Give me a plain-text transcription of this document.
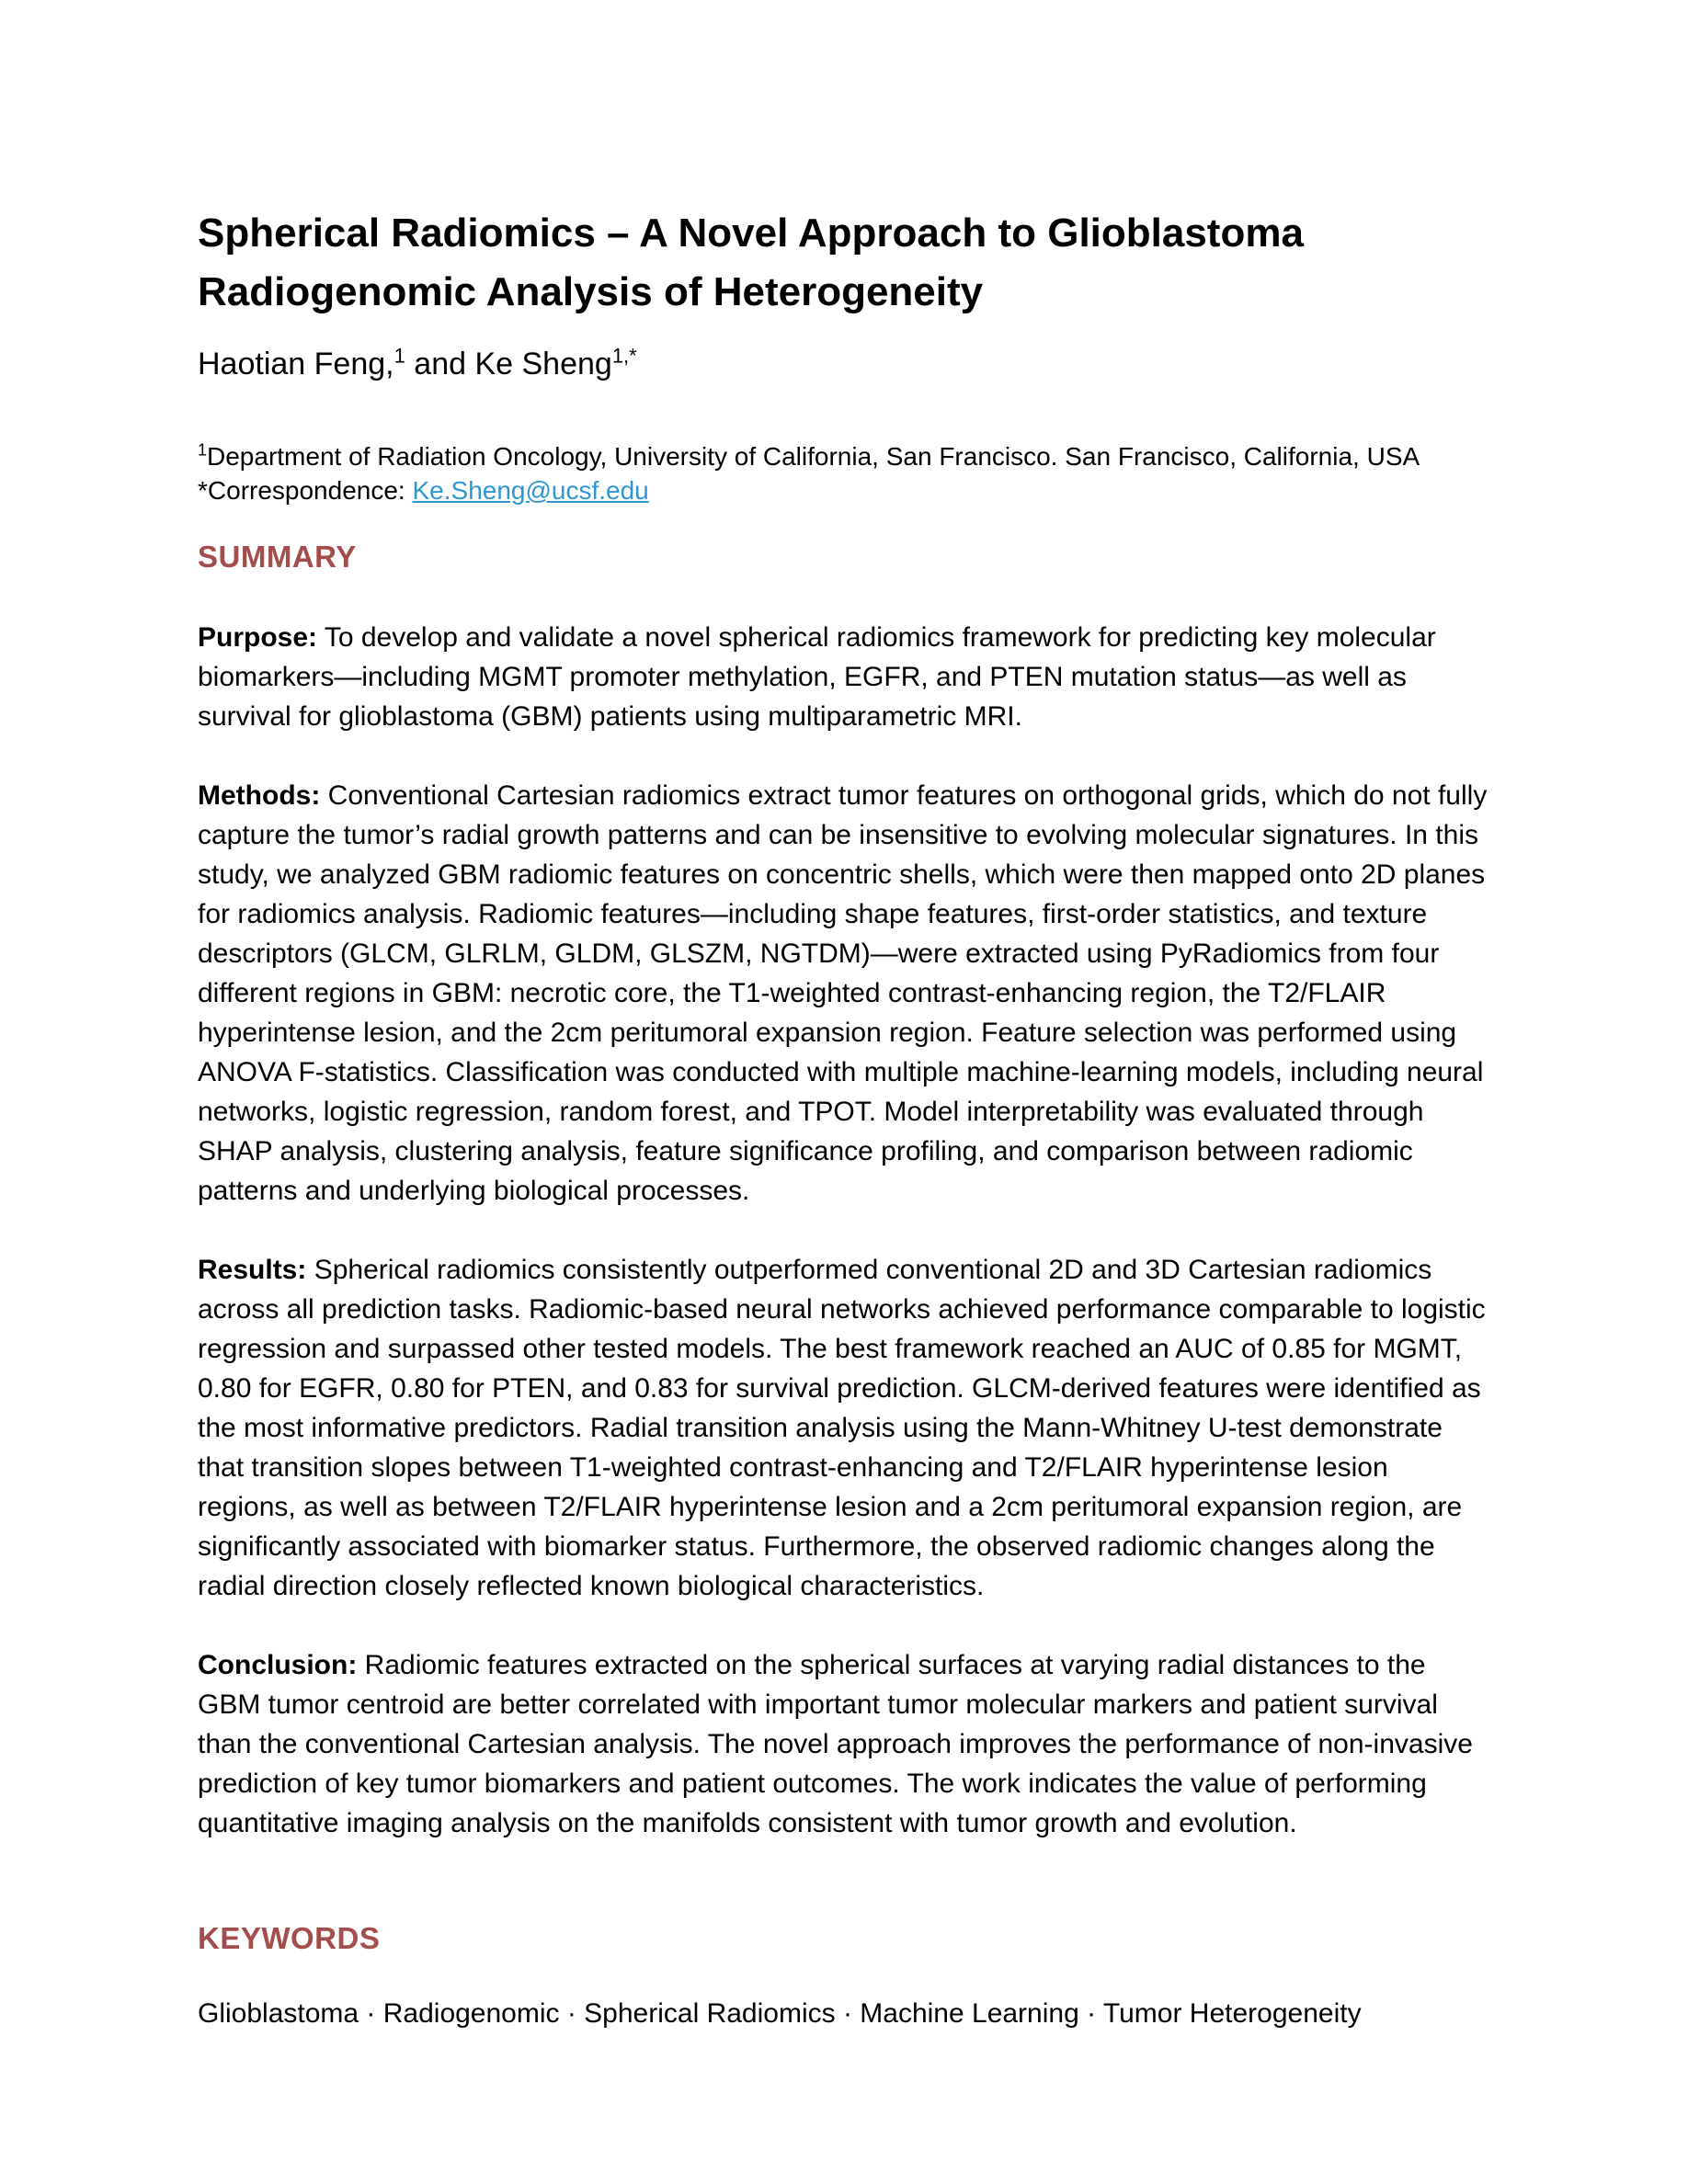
Spherical Radiomics – A Novel Approach to Glioblastoma Radiogenomic Analysis of Heterogeneity
Haotian Feng,$^1$ and Ke Sheng$^{1,*}$
$^1$Department of Radiation Oncology, University of California, San Francisco. San Francisco, California, USA
*Correspondence: Ke.Sheng@ucsf.edu
SUMMARY

Purpose: To develop and validate a novel spherical radiomics framework for predicting key molecular biomarkers—including MGMT promoter methylation, EGFR, and PTEN mutation status—as well as survival for glioblastoma (GBM) patients using multiparametric MRI.

Methods: Conventional Cartesian radiomics extract tumor features on orthogonal grids, which do not fully capture the tumor’s radial growth patterns and can be insensitive to evolving molecular signatures. In this study, we analyzed GBM radiomic features on concentric shells, which were then mapped onto 2D planes for radiomics analysis. Radiomic features—including shape features, first-order statistics, and texture descriptors (GLCM, GLRLM, GLDM, GLSZM, NGTDM)—were extracted using PyRadiomics from four different regions in GBM: necrotic core, the T1-weighted contrast-enhancing region, the T2/FLAIR hyperintense lesion, and the 2cm peritumoral expansion region. Feature selection was performed using ANOVA F-statistics. Classification was conducted with multiple machine-learning models, including neural networks, logistic regression, random forest, and TPOT. Model interpretability was evaluated through SHAP analysis, clustering analysis, feature significance profiling, and comparison between radiomic patterns and underlying biological processes.

Results: Spherical radiomics consistently outperformed conventional 2D and 3D Cartesian radiomics across all prediction tasks. Radiomic-based neural networks achieved performance comparable to logistic regression and surpassed other tested models. The best framework reached an AUC of 0.85 for MGMT, 0.80 for EGFR, 0.80 for PTEN, and 0.83 for survival prediction. GLCM-derived features were identified as the most informative predictors. Radial transition analysis using the Mann-Whitney U-test demonstrate that transition slopes between T1-weighted contrast-enhancing and T2/FLAIR hyperintense lesion regions, as well as between T2/FLAIR hyperintense lesion and a 2cm peritumoral expansion region, are significantly associated with biomarker status. Furthermore, the observed radiomic changes along the radial direction closely reflected known biological characteristics.

Conclusion: Radiomic features extracted on the spherical surfaces at varying radial distances to the GBM tumor centroid are better correlated with important tumor molecular markers and patient survival than the conventional Cartesian analysis. The novel approach improves the performance of non-invasive prediction of key tumor biomarkers and patient outcomes. The work indicates the value of performing quantitative imaging analysis on the manifolds consistent with tumor growth and evolution.

KEYWORDS

Glioblastoma · Radiogenomic · Spherical Radiomics · Machine Learning · Tumor Heterogeneity
